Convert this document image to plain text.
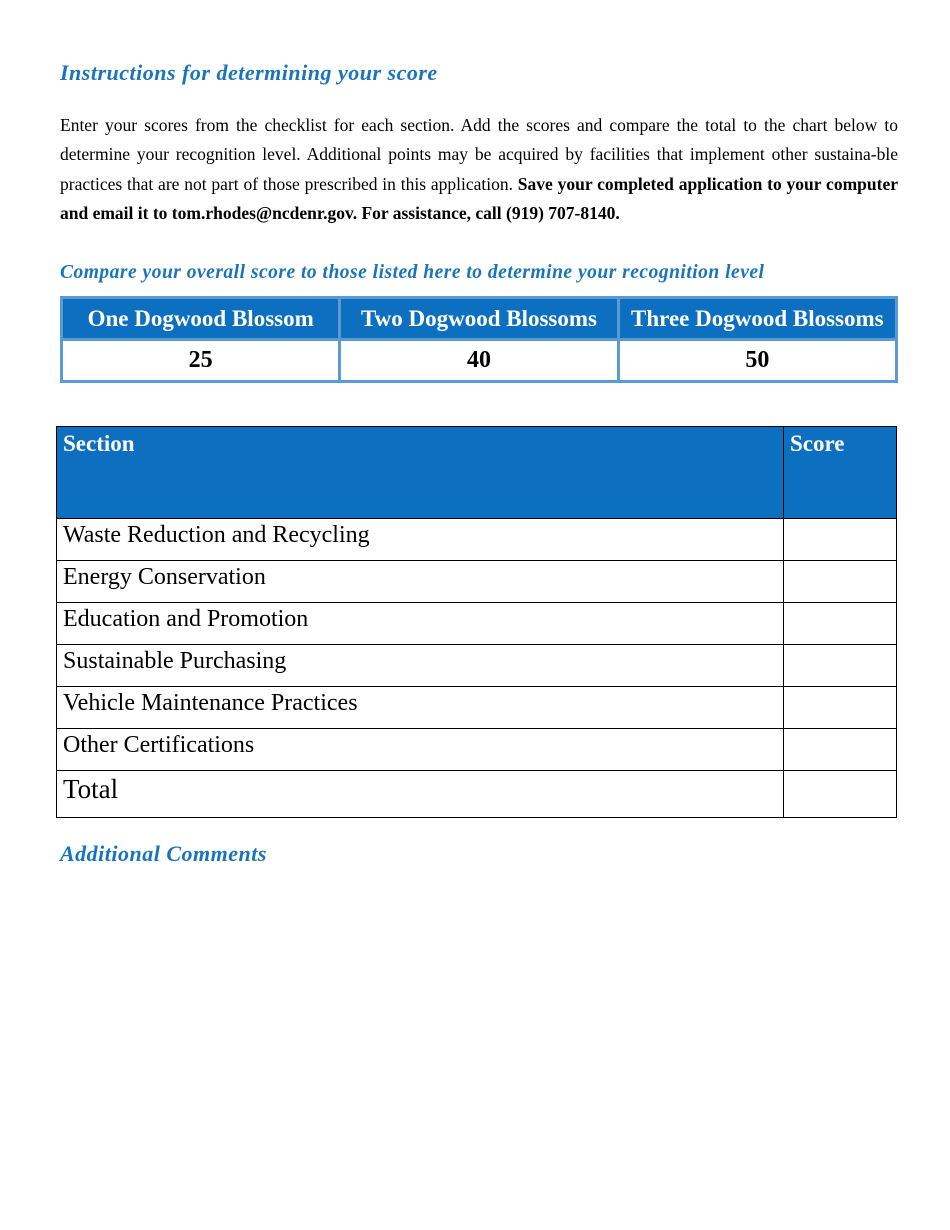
Instructions for determining your score

Enter your scores from the checklist for each section. Add the scores and compare the total to the chart below to determine your recognition level. Additional points may be acquired by facilities that implement other sustaina-ble practices that are not part of those prescribed in this application. Save your completed application to your computer and email it to tom.rhodes@ncdenr.gov. For assistance, call (919) 707-8140.

Compare your overall score to those listed here to determine your recognition level
One Dogwood Blossom	Two Dogwood Blossoms	Three Dogwood Blossoms
25	40	50
Section	Score
Waste Reduction and Recycling	
Energy Conservation	
Education and Promotion	
Sustainable Purchasing	
Vehicle Maintenance Practices	
Other Certifications	
Total	
Additional Comments
